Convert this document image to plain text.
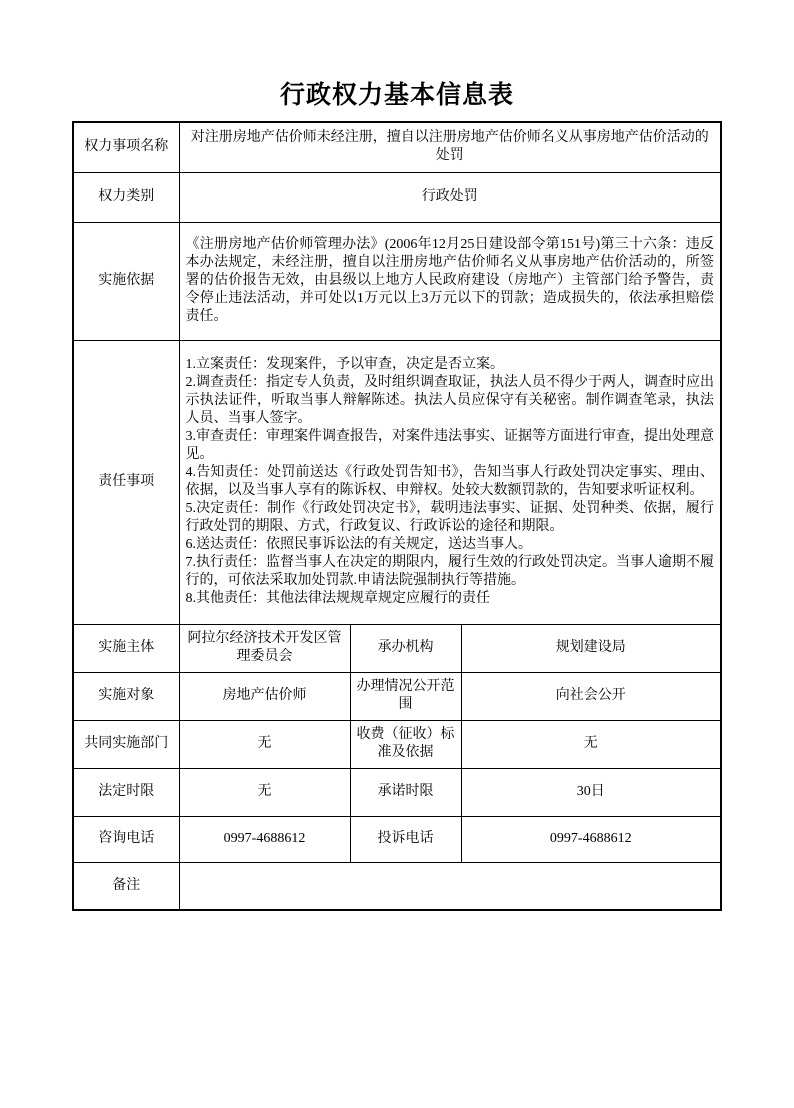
行政权力基本信息表
权力事项名称	对注册房地产估价师未经注册，擅自以注册房地产估价师名义从事房地产估价活动的处罚		
权力类别	行政处罚		
实施依据	《注册房地产估价师管理办法》(2006年12月25日建设部令第151号)第三十六条：违反本办法规定，未经注册，擅自以注册房地产估价师名义从事房地产估价活动的，所签署的估价报告无效，由县级以上地方人民政府建设（房地产）主管部门给予警告，责令停止违法活动，并可处以1万元以上3万元以下的罚款；造成损失的，依法承担赔偿责任。		
责任事项	
1.立案责任：发现案件，予以审查，决定是否立案。
2.调查责任：指定专人负责，及时组织调查取证，执法人员不得少于两人，调查时应出示执法证件，听取当事人辩解陈述。执法人员应保守有关秘密。制作调查笔录，执法人员、当事人签字。
3.审查责任：审理案件调查报告，对案件违法事实、证据等方面进行审查，提出处理意见。
4.告知责任：处罚前送达《行政处罚告知书》，告知当事人行政处罚决定事实、理由、依据，以及当事人享有的陈诉权、申辩权。处较大数额罚款的，告知要求听证权利。
5.决定责任：制作《行政处罚决定书》，载明违法事实、证据、处罚种类、依据，履行行政处罚的期限、方式，行政复议、行政诉讼的途径和期限。
6.送达责任：依照民事诉讼法的有关规定，送达当事人。
7.执行责任：监督当事人在决定的期限内，履行生效的行政处罚决定。当事人逾期不履行的，可依法采取加处罚款.申请法院强制执行等措施。
8.其他责任：其他法律法规规章规定应履行的责任

实施主体	阿拉尔经济技术开发区管理委员会	承办机构	规划建设局
实施对象	房地产估价师	办理情况公开范围	向社会公开
共同实施部门	无	收费（征收）标准及依据	无
法定时限	无	承诺时限	30日
咨询电话	0997-4688612	投诉电话	0997-4688612
备注			
